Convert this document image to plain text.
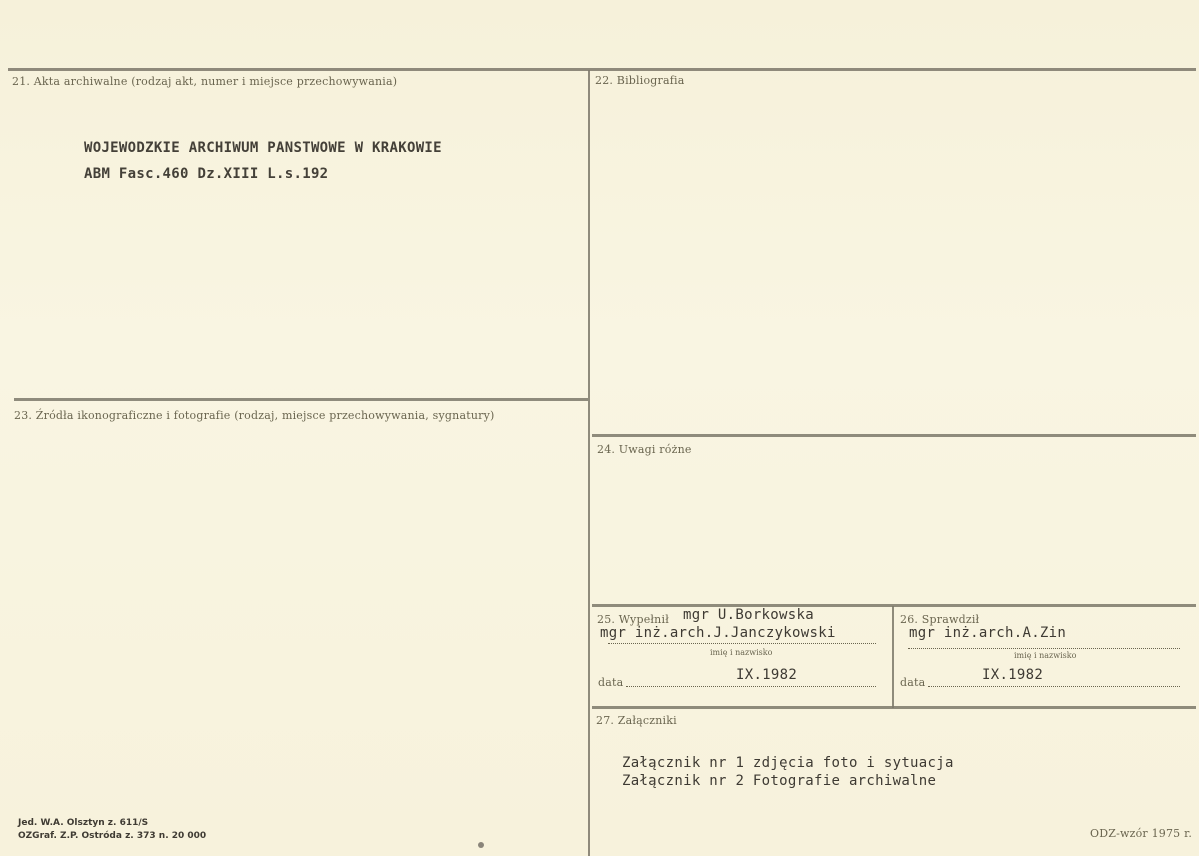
21. Akta archiwalne (rodzaj akt, numer i miejsce przechowywania)
WOJEWODZKIE ARCHIWUM PANSTWOWE W KRAKOWIE
ABM Fasc.460 Dz.XIII L.s.192
22. Bibliografia
23. Źródła ikonograficzne i fotografie (rodzaj, miejsce przechowywania, sygnatury)
24. Uwagi różne
25. Wypełnił mgr U.Borkowska
mgr inż.arch.J.Janczykowski
imię i nazwisko
data	IX.1982
26. Sprawdził
mgr inż.arch.A.Zin
imię i nazwisko
data	IX.1982
27. Załączniki
Załącznik nr 1 zdjęcia foto i sytuacja
Załącznik nr 2 Fotografie archiwalne
Jed. W.A. Olsztyn z. 611/S
OZGraf. Z.P. Ostróda z. 373 n. 20 000	ODZ-wzór 1975 r.
